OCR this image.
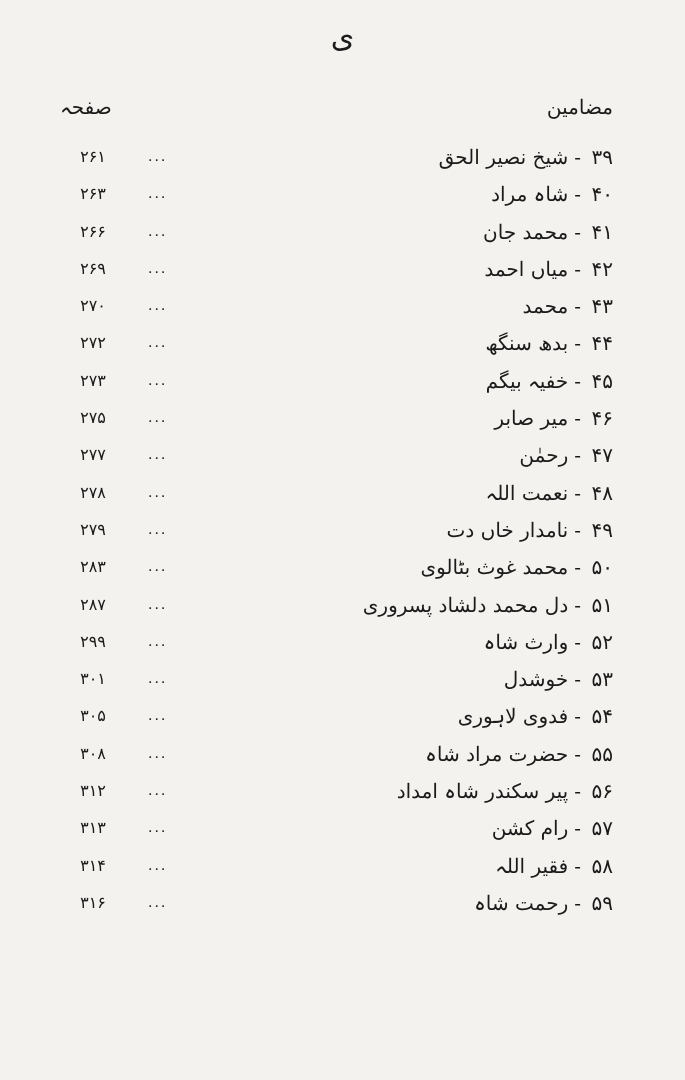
ی
مضامین
صفحہ
۳۹-شیخ نصیر الحق
...
۲۶۱
۴۰-شاہ مراد
...
۲۶۳
۴۱-محمد جان
...
۲۶۶
۴۲-میاں احمد
...
۲۶۹
۴۳-محمد
...
۲۷۰
۴۴-بدھ سنگھ
...
۲۷۲
۴۵-خفیہ بیگم
...
۲۷۳
۴۶-میر صابر
...
۲۷۵
۴۷-رحمٰن
...
۲۷۷
۴۸-نعمت اللہ
...
۲۷۸
۴۹-نامدار خاں دت
...
۲۷۹
۵۰-محمد غوث بٹالوی
...
۲۸۳
۵۱-دل محمد دلشاد پسروری
...
۲۸۷
۵۲-وارث شاہ
...
۲۹۹
۵۳-خوشدل
...
۳۰۱
۵۴-فدوی لاہوری
...
۳۰۵
۵۵-حضرت مراد شاہ
...
۳۰۸
۵۶-پیر سکندر شاہ امداد
...
۳۱۲
۵۷-رام کشن
...
۳۱۳
۵۸-فقیر اللہ
...
۳۱۴
۵۹-رحمت شاہ
...
۳۱۶
